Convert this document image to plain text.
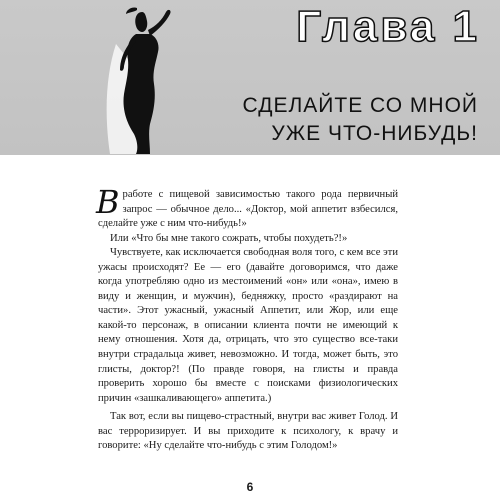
Глава 1
СДЕЛАЙТЕ СО МНОЙ
УЖЕ ЧТО-НИБУДЬ!

Вработе с пищевой зависимостью такого рода первичный запрос — обычное дело... «Доктор, мой аппетит взбесился, сделайте уже с ним что-нибудь!»

Или «Что бы мне такого сожрать, чтобы похудеть?!»

Чувствуете, как исключается свободная воля того, с кем все эти ужасы происходят? Ее — его (давайте договоримся, что даже когда употребляю одно из местоимений «он» или «она», имею в виду и женщин, и мужчин), бедняжку, просто «раздирают на части». Этот ужасный, ужасный Аппетит, или Жор, или еще какой-то персонаж, в описании клиента почти не имеющий к нему отношения. Хотя да, отрицать, что это существо все-таки внутри страдальца живет, невозможно. И тогда, может быть, это глисты, доктор?! (По правде говоря, на глисты и правда проверить хорошо бы вместе с поисками физиологических причин «зашкаливающего» аппетита.)

Так вот, если вы пищево-страстный, внутри вас живет Голод. И вас терроризирует. И вы приходите к психологу, к врачу и говорите: «Ну сделайте что-нибудь с этим Голодом!»

6
